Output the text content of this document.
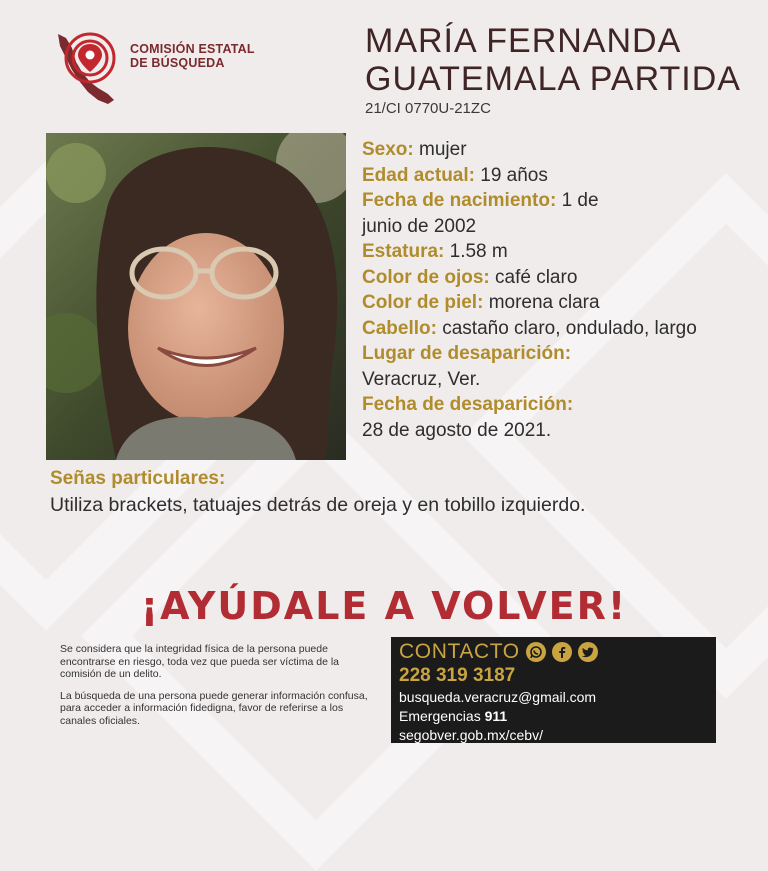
COMISIÓN ESTATAL
DE BÚSQUEDA
MARÍA FERNANDA
GUATEMALA PARTIDA
21/CI 0770U-21ZC
Sexo: mujer
Edad actual: 19 años
Fecha de nacimiento: 1 de
junio de 2002
Estatura: 1.58 m
Color de ojos: café claro
Color de piel: morena clara
Cabello: castaño claro, ondulado, largo
Lugar de desaparición:
Veracruz, Ver.
Fecha de desaparición:
28 de agosto de 2021.
Señas particulares:
Utiliza brackets, tatuajes detrás de oreja y en tobillo izquierdo.
¡AYÚDALE A VOLVER!

Se considera que la integridad física de la persona puede encontrarse en riesgo, toda vez que pueda ser víctima de la comisión de un delito.

La búsqueda de una persona puede generar información confusa, para acceder a información fidedigna, favor de referirse a los canales oficiales.

CONTACTO
228 319 3187
busqueda.veracruz@gmail.com
Emergencias 911
segobver.gob.mx/cebv/
